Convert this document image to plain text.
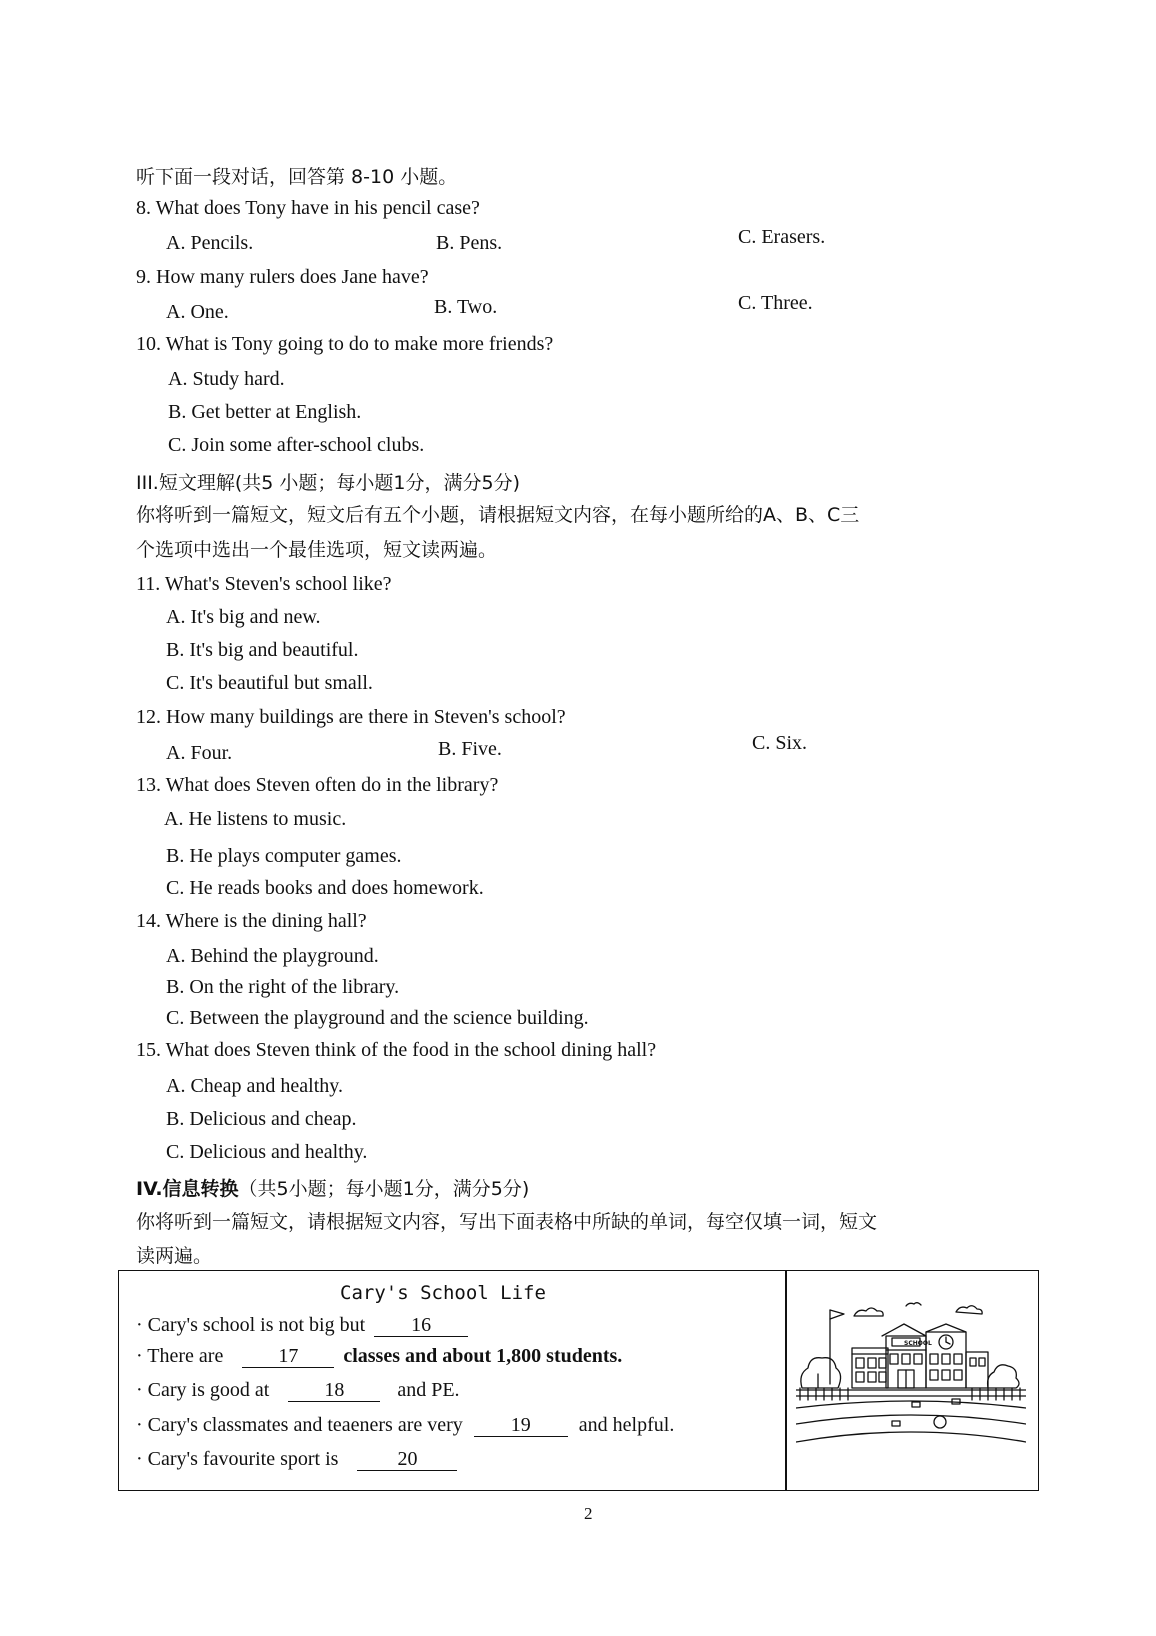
听下面一段对话，回答第 8-10 小题。
8. What does Tony have in his pencil case?
A. Pencils.	B. Pens.	C. Erasers.
9. How many rulers does Jane have?
A. One.	B. Two.	C. Three.
10. What is Tony going to do to make more friends?
A. Study hard.
B. Get better at English.
C. Join some after-school clubs.
III.短文理解(共5 小题；每小题1分，满分5分)
你将听到一篇短文，短文后有五个小题，请根据短文内容，在每小题所给的A、B、C三
个选项中选出一个最佳选项，短文读两遍。
11. What's Steven's school like?
A. It's big and new.
B. It's big and beautiful.
C. It's beautiful but small.
12. How many buildings are there in Steven's school?
A. Four.	B. Five.	C. Six.
13. What does Steven often do in the library?
A. He listens to music.
B. He plays computer games.
C. He reads books and does homework.
14. Where is the dining hall?
A. Behind the playground.
B. On the right of the library.
C. Between the playground and the science building.
15. What does Steven think of the food in the school dining hall?
A. Cheap and healthy.
B. Delicious and cheap.
C. Delicious and healthy.
IV.信息转换（共5小题；每小题1分，满分5分)
你将听到一篇短文，请根据短文内容，写出下面表格中所缺的单词，每空仅填一词，短文
读两遍。
Cary's School Life
· Cary's school is not big but 16
· There are	17 classes and about 1,800 students.
· Cary is good at	18	and PE.
· Cary's classmates and teaeners are very 19 and helpful.
· Cary's favourite sport is	20
SCHOOL
2
